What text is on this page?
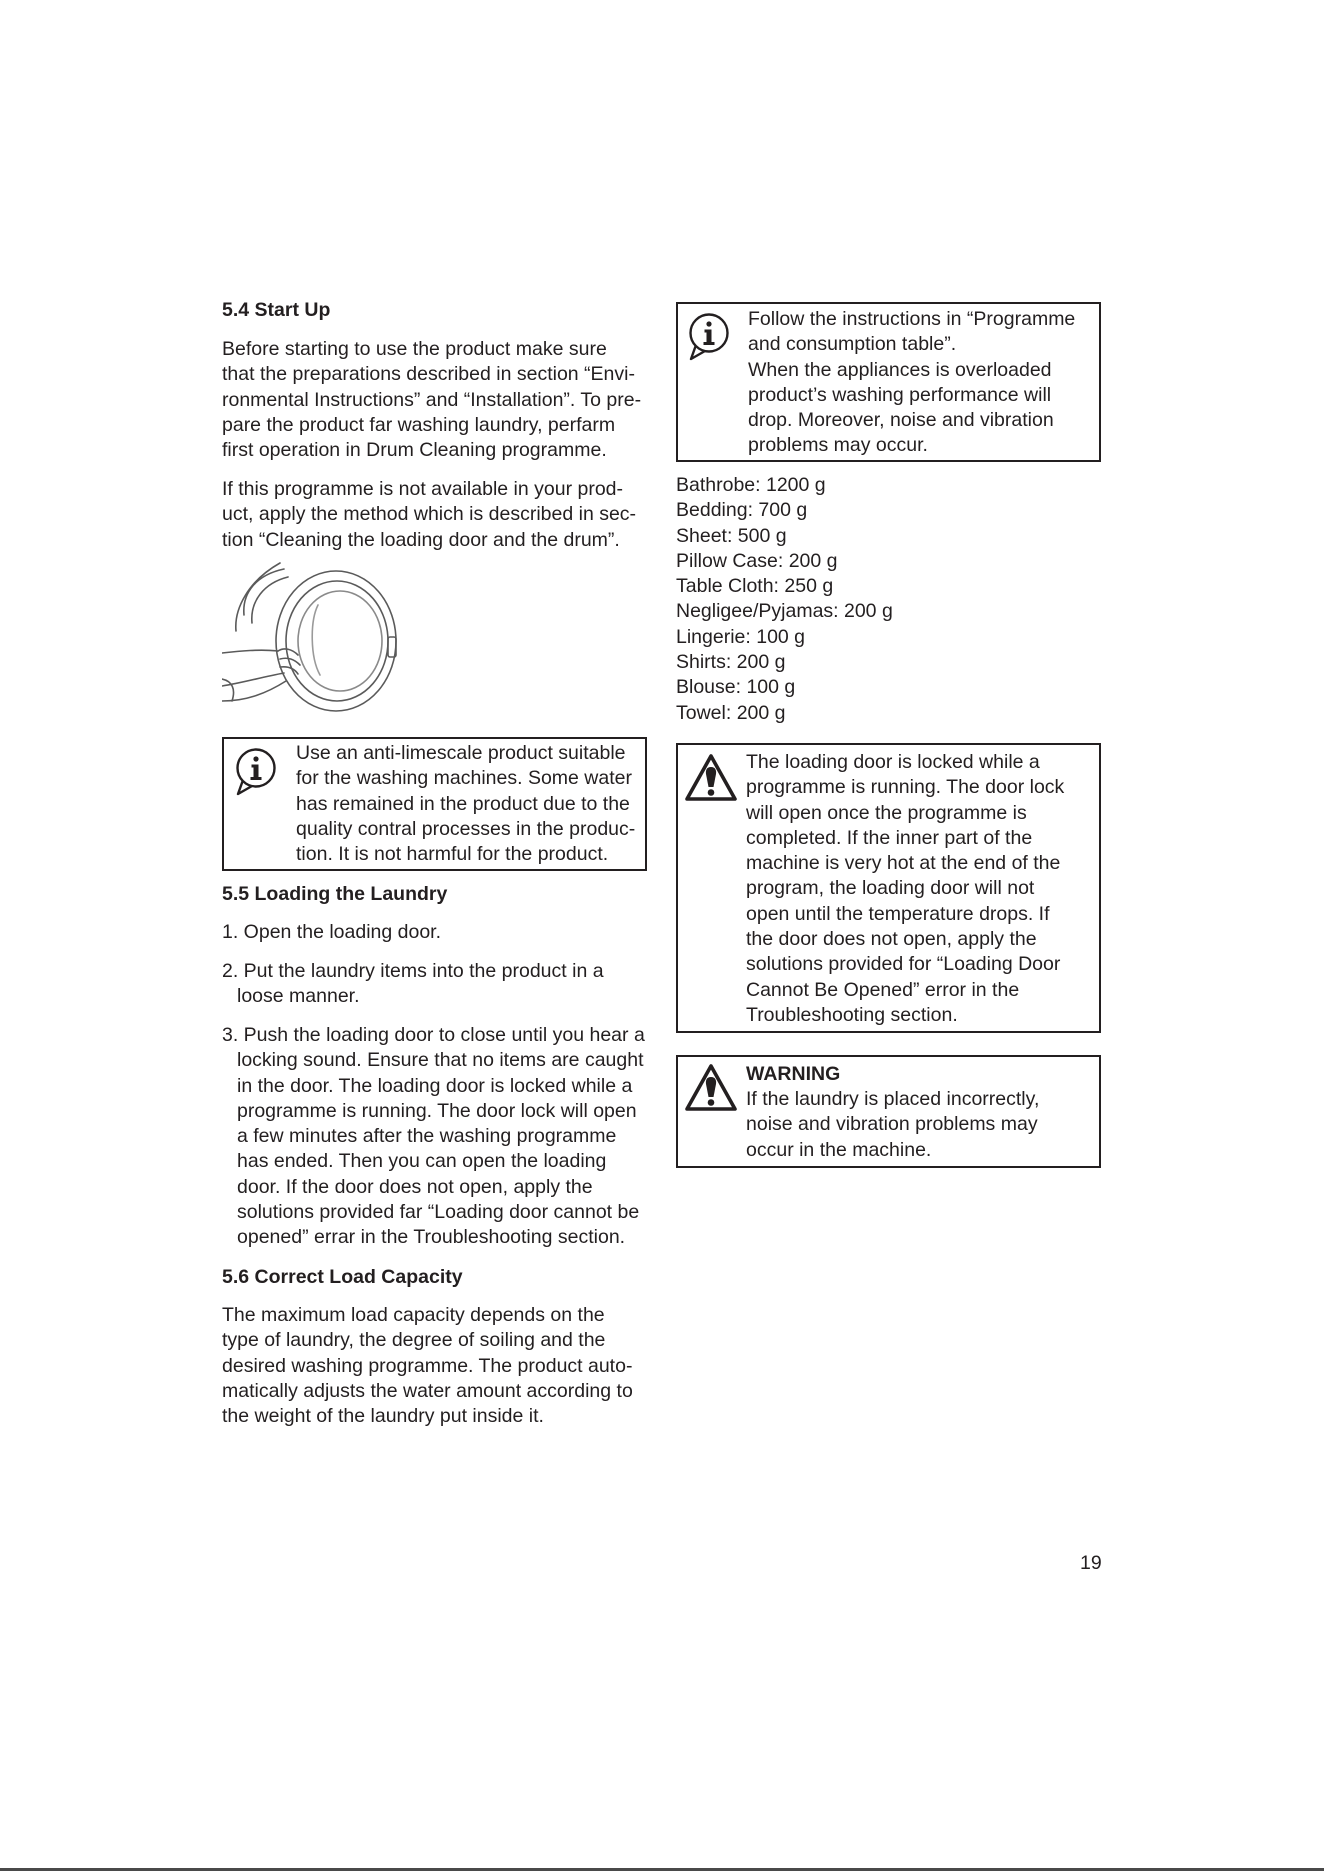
5.4 Start Up
Before starting to use the product make sure
that the preparations described in section “Envi-
ronmental Instructions” and “Installation”. To pre-
pare the product far washing laundry, perfarm
first operation in Drum Cleaning programme.
If this programme is not available in your prod-
uct, apply the method which is described in sec-
tion “Cleaning the loading door and the drum”.
Use an anti-limescale product suitable
for the washing machines. Some water
has remained in the product due to the
quality contral processes in the produc-
tion. It is not harmful for the product.
5.5 Loading the Laundry
1. Open the loading door.
2. Put the laundry items into the product in a
loose manner.
3. Push the loading door to close until you hear a
locking sound. Ensure that no items are caught
in the door. The loading door is locked while a
programme is running. The door lock will open
a few minutes after the washing programme
has ended. Then you can open the loading
door. If the door does not open, apply the
solutions provided far “Loading door cannot be
opened” errar in the Troubleshooting section.
5.6 Correct Load Capacity
The maximum load capacity depends on the
type of laundry, the degree of soiling and the
desired washing programme. The product auto-
matically adjusts the water amount according to
the weight of the laundry put inside it.
Follow the instructions in “Programme
and consumption table”.
When the appliances is overloaded
product’s washing performance will
drop. Moreover, noise and vibration
problems may occur.
Bathrobe: 1200 g
Bedding: 700 g
Sheet: 500 g
Pillow Case: 200 g
Table Cloth: 250 g
Negligee/Pyjamas: 200 g
Lingerie: 100 g
Shirts: 200 g
Blouse: 100 g
Towel: 200 g
The loading door is locked while a
programme is running. The door lock
will open once the programme is
completed. If the inner part of the
machine is very hot at the end of the
program, the loading door will not
open until the temperature drops. If
the door does not open, apply the
solutions provided for “Loading Door
Cannot Be Opened” error in the
Troubleshooting section.
WARNING
If the laundry is placed incorrectly,
noise and vibration problems may
occur in the machine.
19
